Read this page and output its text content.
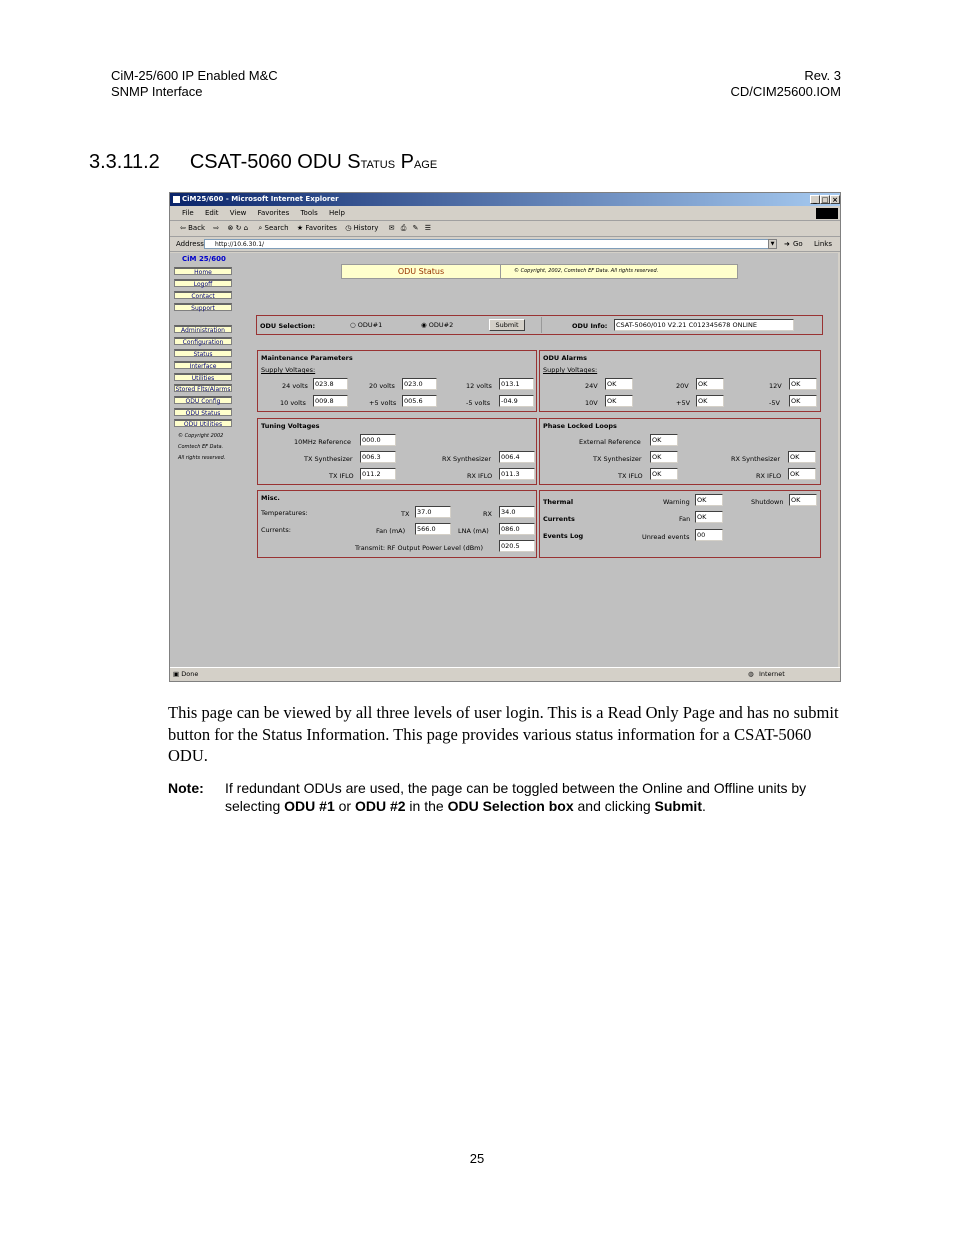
CiM-25/600 IP Enabled M&C
SNMP Interface
Rev. 3
CD/CIM25600.IOM
3.3.11.2 CSAT-5060 ODU Status Page
CiM25/600 - Microsoft Internet Explorer	_ □ ×
File Edit View Favorites Tools Help
⇦ Back ⇨ ⊗ ↻ ⌂ ⌕ Search ★ Favorites ◷ History ✉ ⎙ ✎ ☰
Address	http://10.6.30.1/	▼	➜ Go Links
CiM 25/600
Home
Logoff
Contact
Support
Administration
Configuration
Status
Interface
Utilities
Stored Flts/Alarms
ODU Config
ODU Status
ODU Utilities
© Copyright 2002
Comtech EF Data.
All rights reserved.
ODU Status	© Copyright, 2002, Comtech EF Data. All rights reserved.
ODU Selection:	○ ODU#1	◉ ODU#2	Submit	ODU Info:	CSAT-5060/010 V2.21 C012345678 ONLINE
Maintenance Parameters
Supply Voltages:
24 volts	023.8	20 volts	023.0	12 volts	013.1
10 volts	009.8	+5 volts	005.6	-5 volts	-04.9
ODU Alarms
Supply Voltages:
24V	OK	20V	OK	12V	OK
10V	OK	+5V	OK	-5V	OK
Tuning Voltages
10MHz Reference	000.0
TX Synthesizer	006.3	RX Synthesizer	006.4
TX IFLO	011.2	RX IFLO	011.3
Phase Locked Loops
External Reference	OK
TX Synthesizer	OK	RX Synthesizer	OK
TX IFLO	OK	RX IFLO	OK
Misc.
Temperatures:	TX	37.0	RX	34.0
Currents:	Fan (mA)	566.0	LNA (mA)	086.0
Transmit: RF Output Power Level (dBm)	020.5
Thermal	Warning	OK	Shutdown	OK
Currents	Fan	OK
Events Log	Unread events	00
▣ Done	◍ Internet
This page can be viewed by all three levels of user login. This is a Read Only Page and has no submit button for the Status Information. This page provides various status information for a CSAT-5060 ODU.
Note: If redundant ODUs are used, the page can be toggled between the Online and Offline units by selecting ODU #1 or ODU #2 in the ODU Selection box and clicking Submit.
25
